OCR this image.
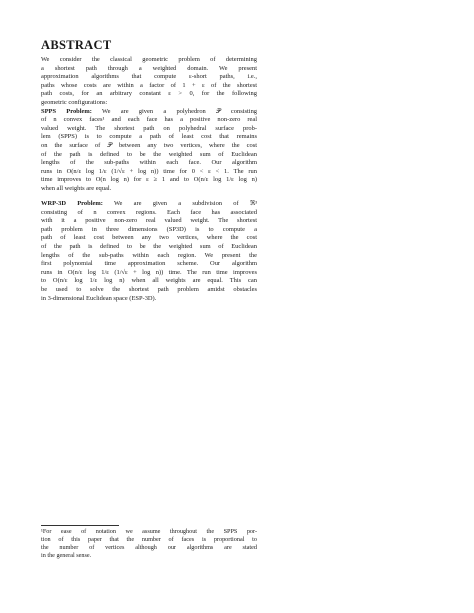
ABSTRACT

We consider the classical geometric problem of determining
a shortest path through a weighted domain. We present
approximation algorithms that compute ε-short paths, i.e.,
paths whose costs are within a factor of 1 + ε of the shortest
path costs, for an arbitrary constant ε > 0, for the following
geometric configurations:

SPPS Problem: We are given a polyhedron 𝒫 consisting
of n convex faces¹ and each face has a positive non-zero real
valued weight. The shortest path on polyhedral surface prob-
lem (SPPS) is to compute a path of least cost that remains
on the surface of 𝒫 between any two vertices, where the cost
of the path is defined to be the weighted sum of Euclidean
lengths of the sub-paths within each face. Our algorithm
runs in O(n/ε log 1/ε (1/√ε + log n)) time for 0 < ε < 1. The run
time improves to O(n log n) for ε ≥ 1 and to O(n/ε log 1/ε log n)
when all weights are equal.

WRP-3D Problem: We are given a subdivision of ℜ³
consisting of n convex regions. Each face has associated
with it a positive non-zero real valued weight. The shortest
path problem in three dimensions (SP3D) is to compute a
path of least cost between any two vertices, where the cost
of the path is defined to be the weighted sum of Euclidean
lengths of the sub-paths within each region. We present the
first polynomial time approximation scheme. Our algorithm
runs in O(n/ε log 1/ε (1/√ε + log n)) time. The run time improves
to O(n/ε log 1/ε log n) when all weights are equal. This can
be used to solve the shortest path problem amidst obstacles
in 3-dimensional Euclidean space (ESP-3D).

¹For ease of notation we assume throughout the SPPS por-
tion of this paper that the number of faces is proportional to
the number of vertices although our algorithms are stated
in the general sense.
